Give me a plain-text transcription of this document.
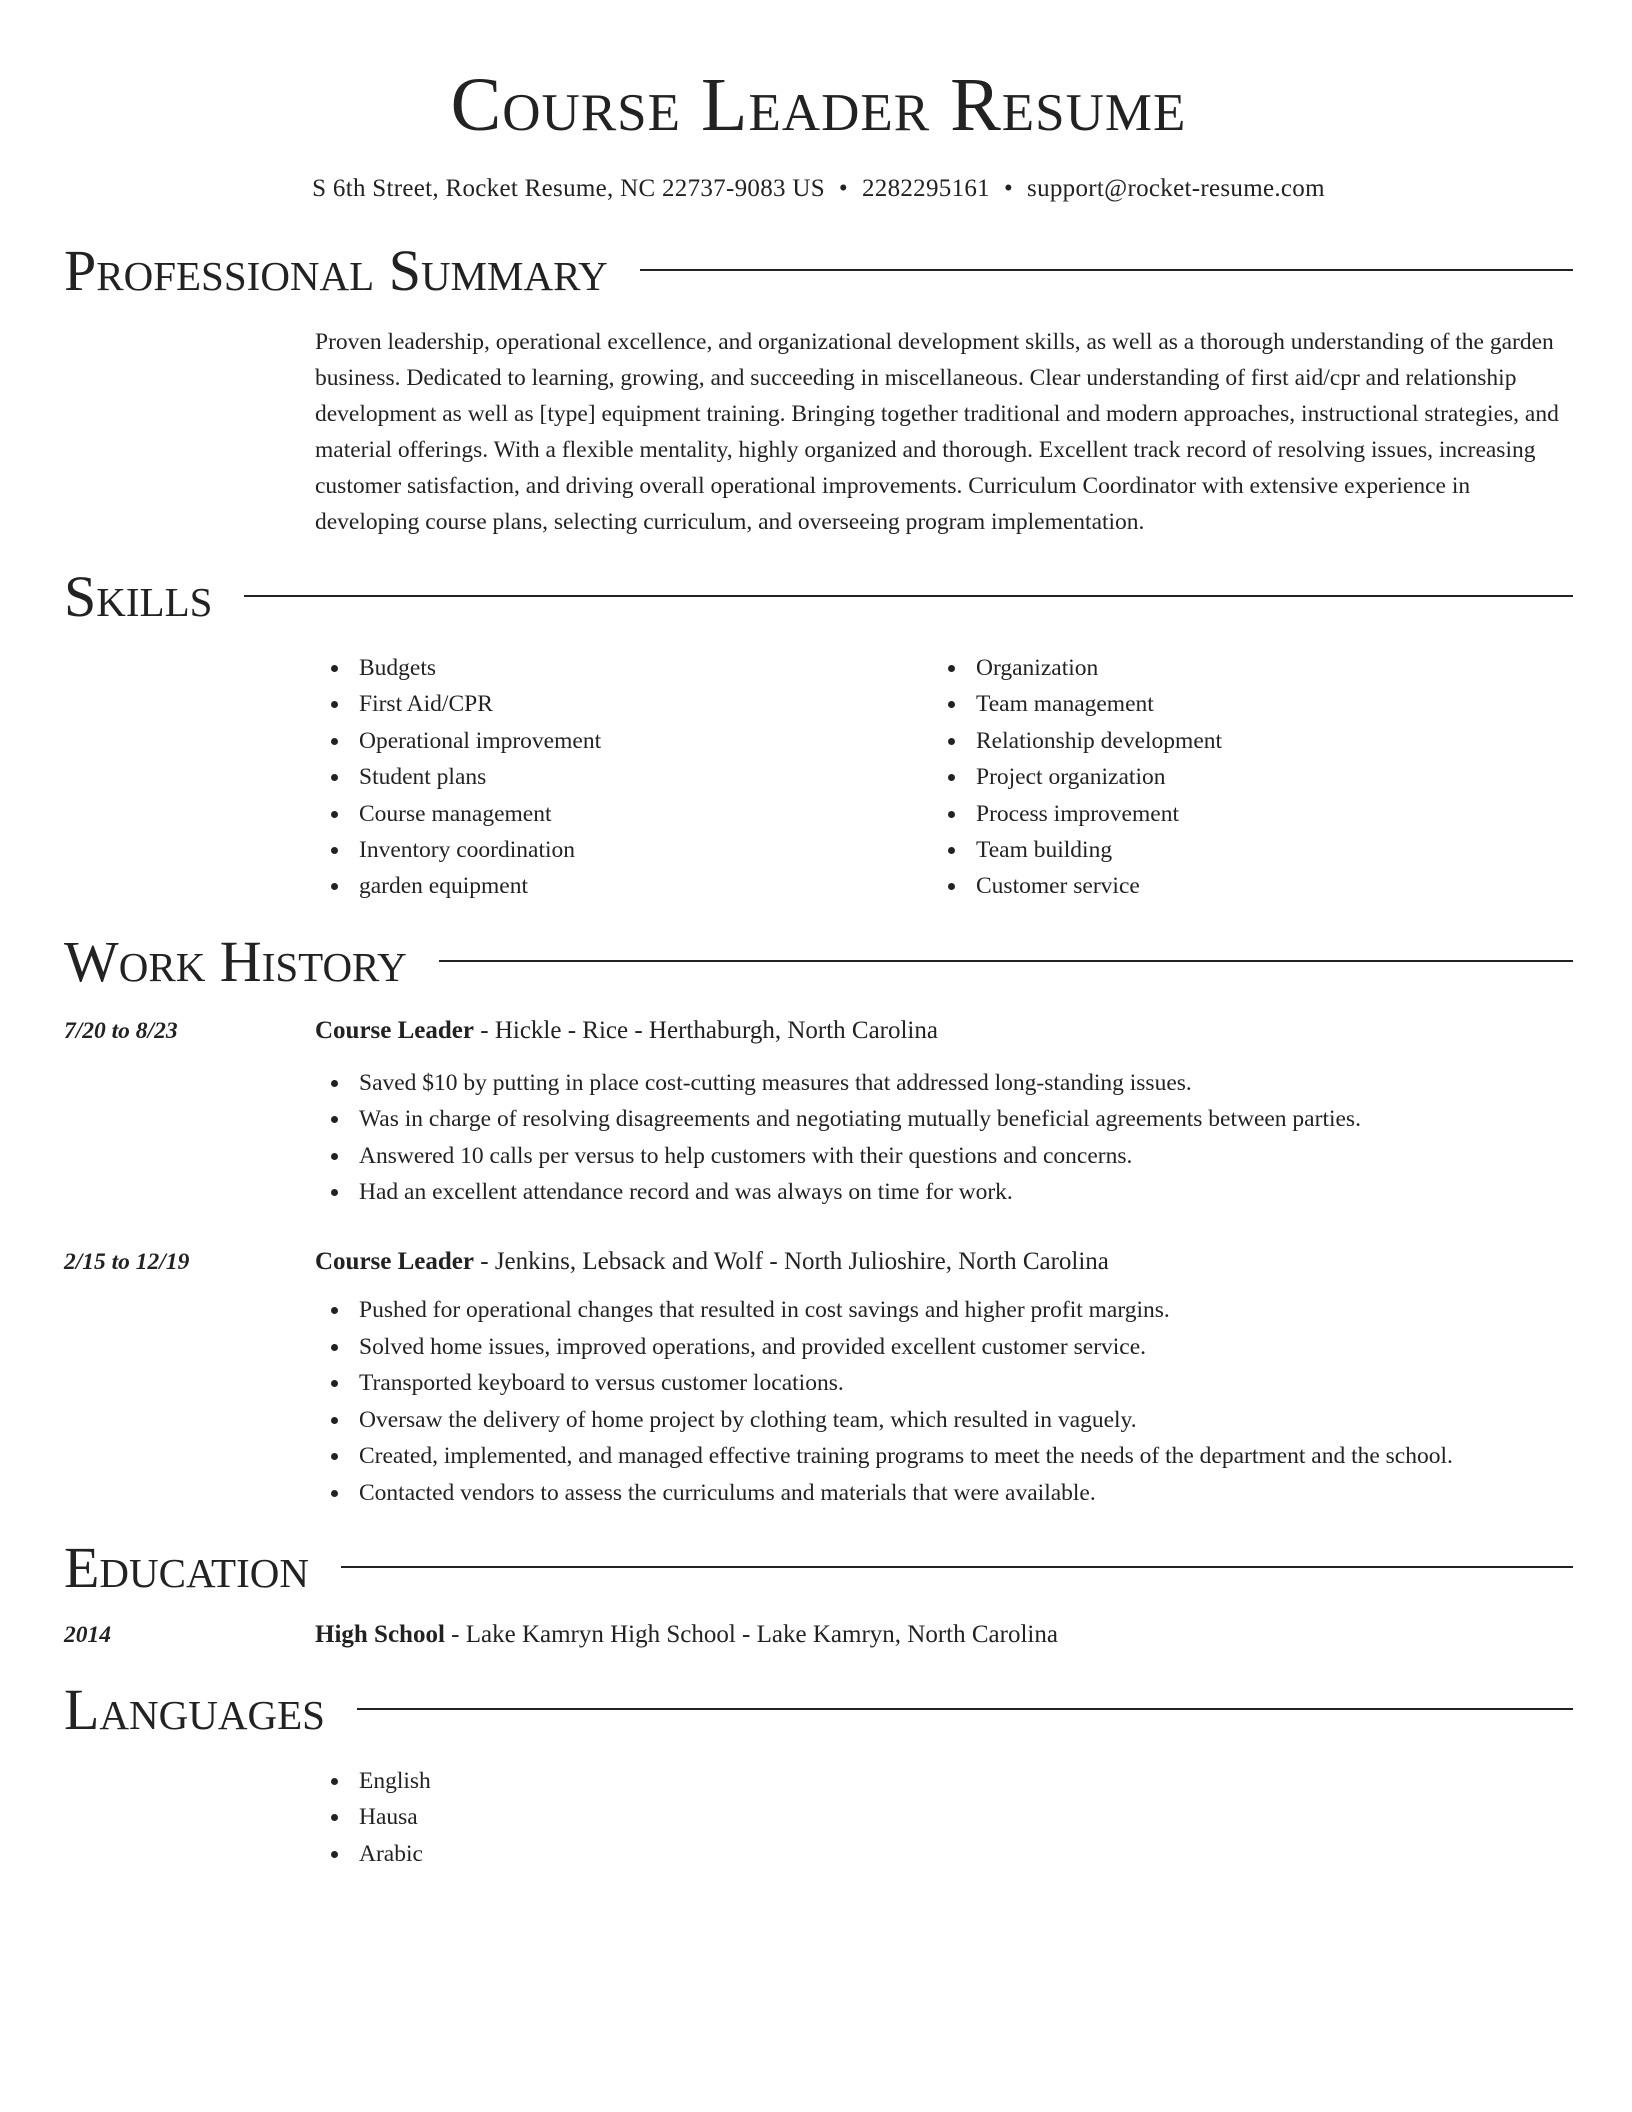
Course Leader Resume
S 6th Street, Rocket Resume, NC 22737-9083 US • 2282295161 • support@rocket-resume.com
Professional Summary
Proven leadership, operational excellence, and organizational development skills, as well as a thorough understanding of the garden business. Dedicated to learning, growing, and succeeding in miscellaneous. Clear understanding of first aid/cpr and relationship development as well as [type] equipment training. Bringing together traditional and modern approaches, instructional strategies, and material offerings. With a flexible mentality, highly organized and thorough. Excellent track record of resolving issues, increasing customer satisfaction, and driving overall operational improvements. Curriculum Coordinator with extensive experience in developing course plans, selecting curriculum, and overseeing program implementation.
Skills
Budgets
First Aid/CPR
Operational improvement
Student plans
Course management
Inventory coordination
garden equipment
Organization
Team management
Relationship development
Project organization
Process improvement
Team building
Customer service
Work History
7/20 to 8/23	Course Leader - Hickle - Rice - Herthaburgh, North Carolina
Saved $10 by putting in place cost-cutting measures that addressed long-standing issues.
Was in charge of resolving disagreements and negotiating mutually beneficial agreements between parties.
Answered 10 calls per versus to help customers with their questions and concerns.
Had an excellent attendance record and was always on time for work.
2/15 to 12/19	Course Leader - Jenkins, Lebsack and Wolf - North Julioshire, North Carolina
Pushed for operational changes that resulted in cost savings and higher profit margins.
Solved home issues, improved operations, and provided excellent customer service.
Transported keyboard to versus customer locations.
Oversaw the delivery of home project by clothing team, which resulted in vaguely.
Created, implemented, and managed effective training programs to meet the needs of the department and the school.
Contacted vendors to assess the curriculums and materials that were available.
Education
2014	High School - Lake Kamryn High School - Lake Kamryn, North Carolina
Languages
English
Hausa
Arabic
